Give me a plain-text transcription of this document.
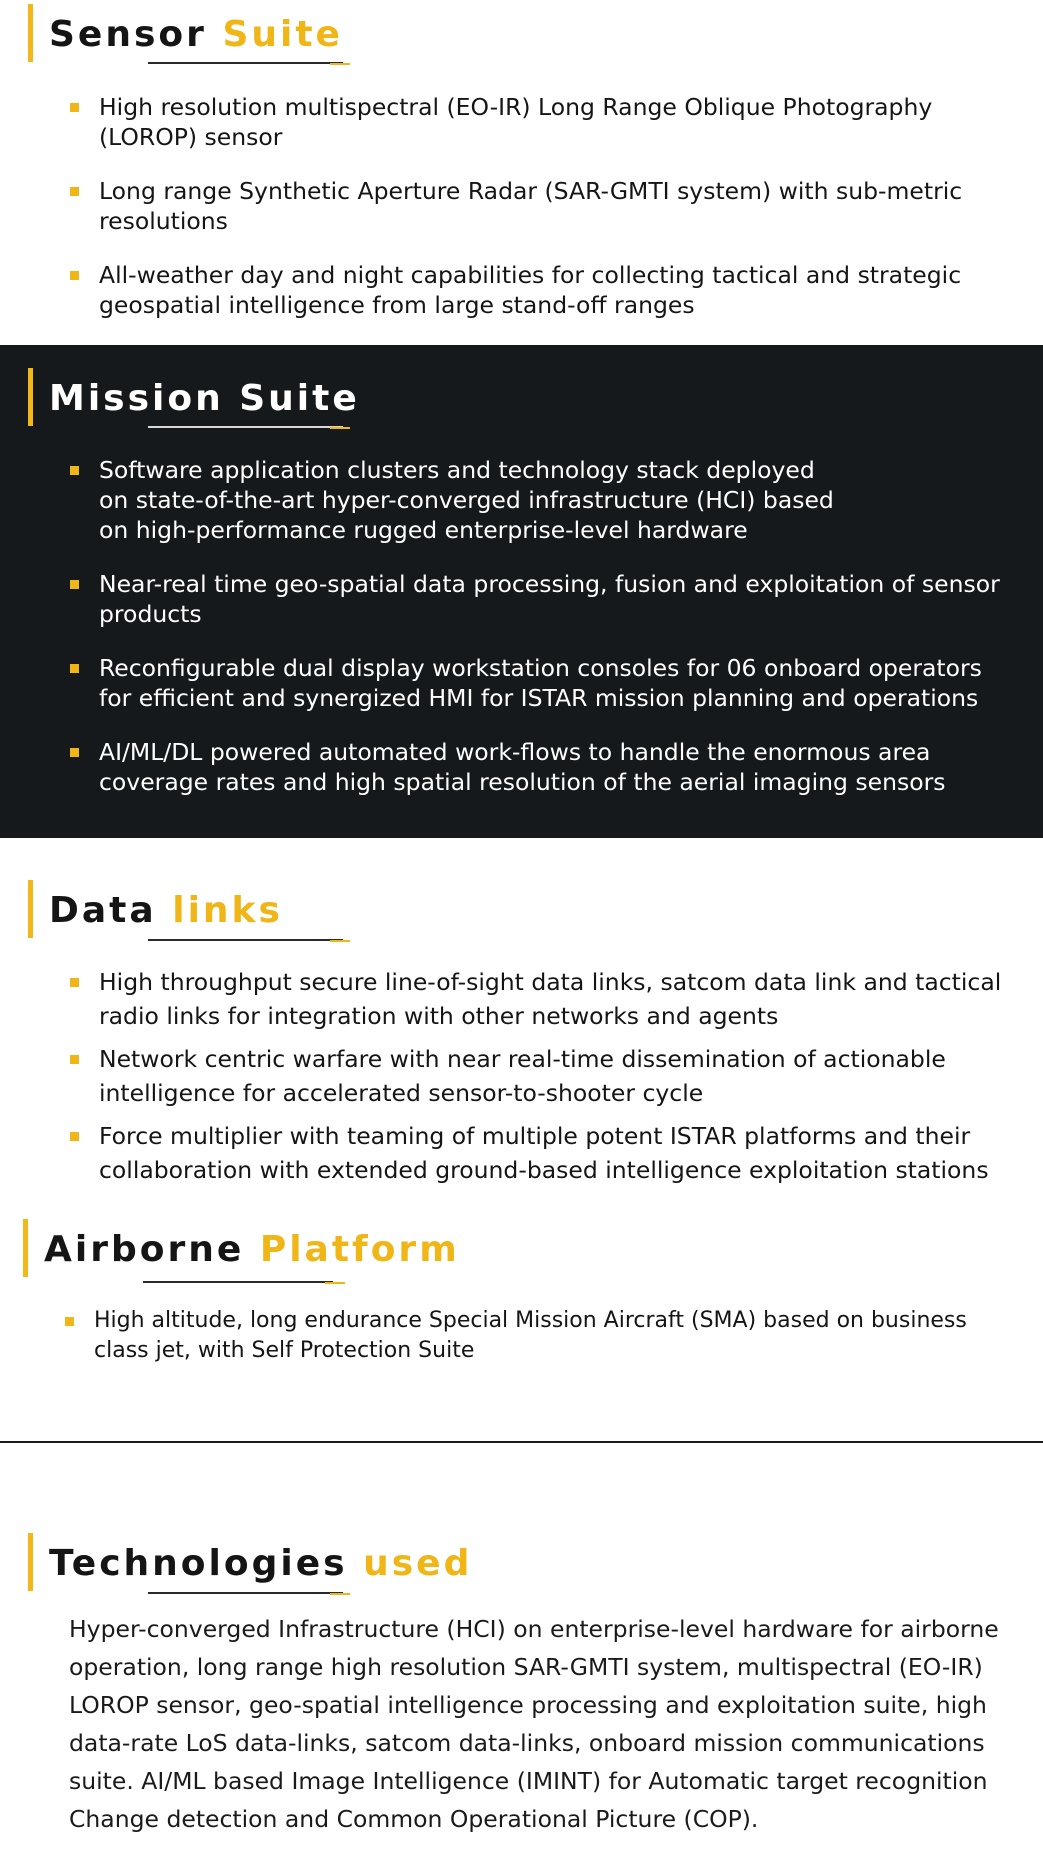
Sensor Suite
High resolution multispectral (EO-IR) Long Range Oblique Photography (LOROP) sensor
Long range Synthetic Aperture Radar (SAR-GMTI system) with sub-metric resolutions
All-weather day and night capabilities for collecting tactical and strategic geospatial intelligence from large stand-off ranges
Mission Suite
Software application clusters and technology stack deployed on state-of-the-art hyper-converged infrastructure (HCI) based on high-performance rugged enterprise-level hardware
Near-real time geo-spatial data processing, fusion and exploitation of sensor products
Reconfigurable dual display workstation consoles for 06 onboard operators for efficient and synergized HMI for ISTAR mission planning and operations
AI/ML/DL powered automated work-flows to handle the enormous area coverage rates and high spatial resolution of the aerial imaging sensors
Data links
High throughput secure line-of-sight data links, satcom data link and tactical radio links for integration with other networks and agents
Network centric warfare with near real-time dissemination of actionable intelligence for accelerated sensor-to-shooter cycle
Force multiplier with teaming of multiple potent ISTAR platforms and their collaboration with extended ground-based intelligence exploitation stations
Airborne Platform
High altitude, long endurance Special Mission Aircraft (SMA) based on business class jet, with Self Protection Suite
Technologies used

Hyper-converged Infrastructure (HCI) on enterprise-level hardware for airborne operation, long range high resolution SAR-GMTI system, multispectral (EO-IR) LOROP sensor, geo-spatial intelligence processing and exploitation suite, high data-rate LoS data-links, satcom data-links, onboard mission communications suite. AI/ML based Image Intelligence (IMINT) for Automatic target recognition Change detection and Common Operational Picture (COP).
